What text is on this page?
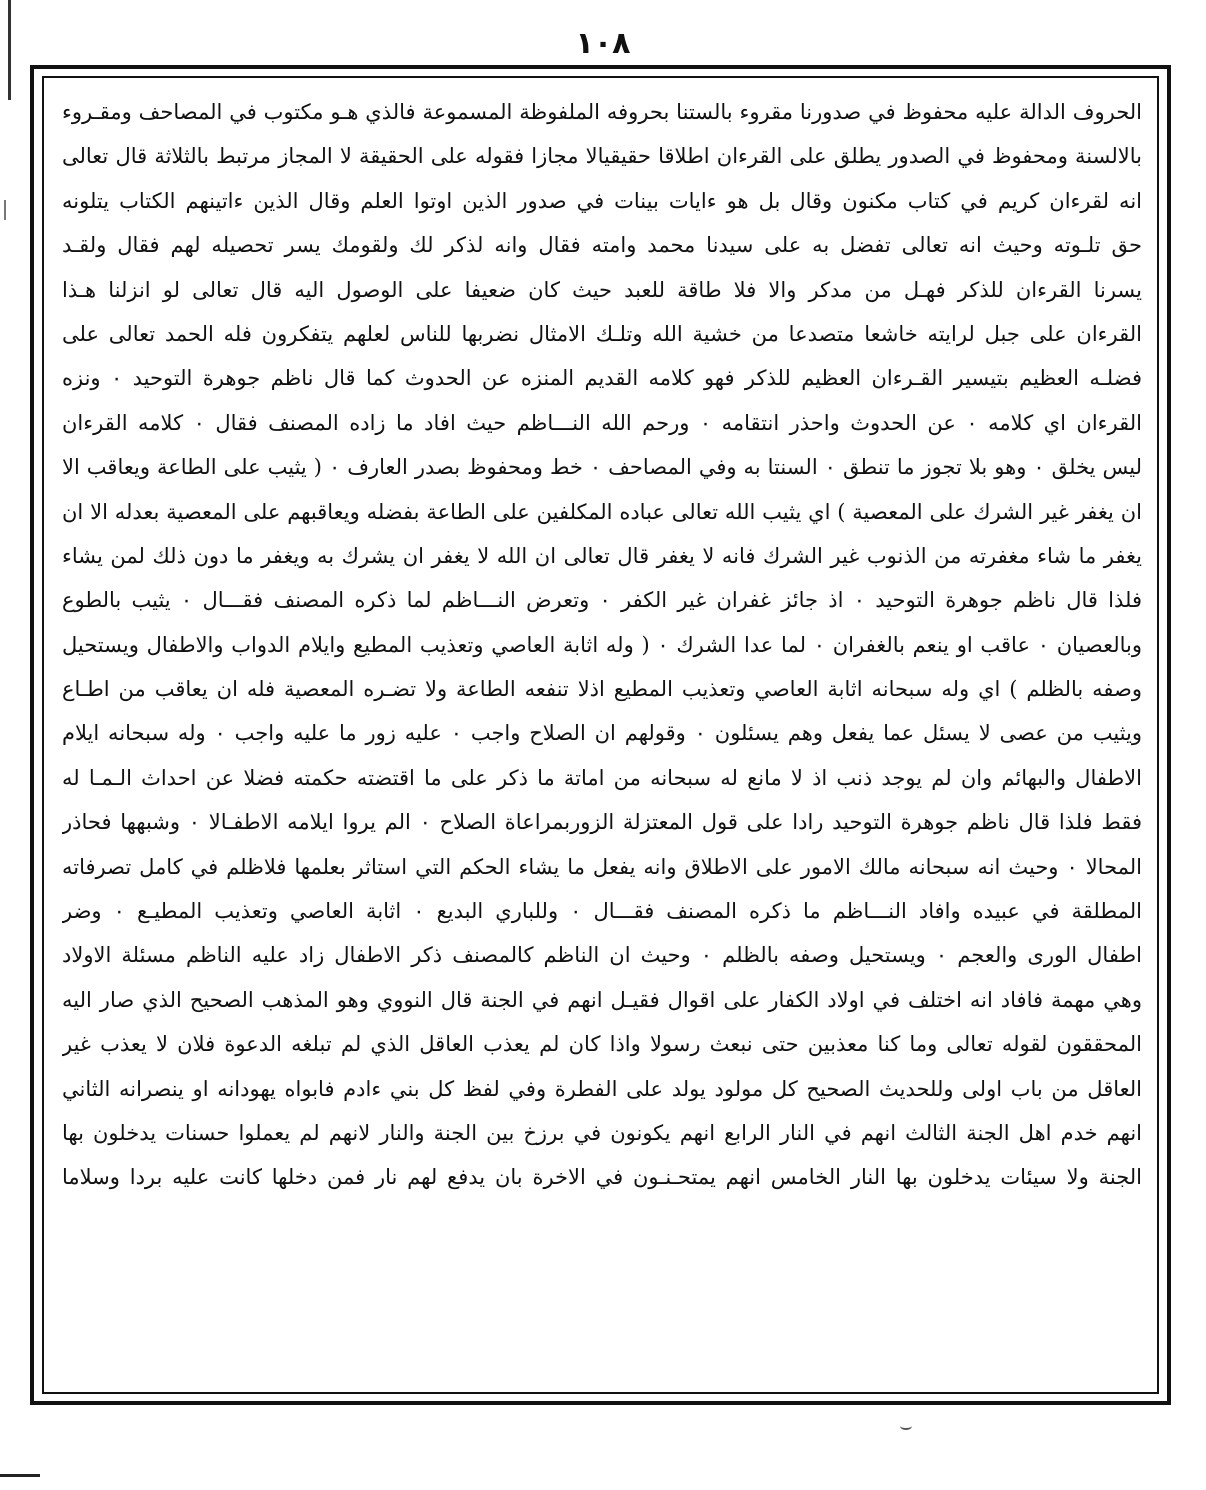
١٠٨
الحروف الدالة عليه محفوظ في صدورنا مقروء بالستنا بحروفه الملفوظة المسموعة فالذي هـو مكتوب في المصاحف ومقـروء
بالالسنة ومحفوظ في الصدور يطلق على القرءان اطلاقا حقيقيالا مجازا فقوله على الحقيقة لا المجاز مرتبط بالثلاثة قال تعالى
انه لقرءان كريم في كتاب مكنون وقال بل هو ءايات بينات في صدور الذين اوتوا العلم وقال الذين ءاتينهم الكتاب يتلونه
حق تلـوته وحيث انه تعالى تفضل به على سيدنا محمد وامته فقال وانه لذكر لك ولقومك يسر تحصيله لهم فقال ولقـد
يسرنا القرءان للذكر فهـل من مدكر والا فلا طاقة للعبد حيث كان ضعيفا على الوصول اليه قال تعالى لو انزلنا هـذا
القرءان على جبل لرايته خاشعا متصدعا من خشية الله وتلـك الامثال نضربها للناس لعلهم يتفكرون فله الحمد تعالى على
فضلـه العظيم بتيسير القـرءان العظيم للذكر فهو كلامه القديم المنزه عن الحدوث كما قال ناظم جوهرة التوحيد ٠ ونزه
القرءان اي كلامه ٠ عن الحدوث واحذر انتقامه ٠ ورحم الله النـــاظم حيث افاد ما زاده المصنف فقال ٠ كلامه القرءان
ليس يخلق ٠ وهو بلا تجوز ما تنطق ٠ السنتا به وفي المصاحف ٠ خط ومحفوظ بصدر العارف ٠ ( يثيب على الطاعة ويعاقب الا
ان يغفر غير الشرك على المعصية ) اي يثيب الله تعالى عباده المكلفين على الطاعة بفضله ويعاقبهم على المعصية بعدله الا ان
يغفر ما شاء مغفرته من الذنوب غير الشرك فانه لا يغفر قال تعالى ان الله لا يغفر ان يشرك به ويغفر ما دون ذلك لمن يشاء
فلذا قال ناظم جوهرة التوحيد ٠ اذ جائز غفران غير الكفر ٠ وتعرض النـــاظم لما ذكره المصنف فقـــال ٠ يثيب بالطوع
وبالعصيان ٠ عاقب او ينعم بالغفران ٠ لما عدا الشرك ٠ ( وله اثابة العاصي وتعذيب المطيع وايلام الدواب والاطفال ويستحيل
وصفه بالظلم ) اي وله سبحانه اثابة العاصي وتعذيب المطيع اذلا تنفعه الطاعة ولا تضـره المعصية فله ان يعاقب من اطـاع
ويثيب من عصى لا يسئل عما يفعل وهم يسئلون ٠ وقولهم ان الصلاح واجب ٠ عليه زور ما عليه واجب ٠ وله سبحانه ايلام
الاطفال والبهائم وان لم يوجد ذنب اذ لا مانع له سبحانه من اماتة ما ذكر على ما اقتضته حكمته فضلا عن احداث الـمـا له
فقط فلذا قال ناظم جوهرة التوحيد رادا على قول المعتزلة الزوربمراعاة الصلاح ٠ الم يروا ايلامه الاطفـالا ٠ وشبهها فحاذر
المحالا ٠ وحيث انه سبحانه مالك الامور على الاطلاق وانه يفعل ما يشاء الحكم التي استاثر بعلمها فلاظلم في كامل تصرفاته
المطلقة في عبيده وافاد النـــاظم ما ذكره المصنف فقـــال ٠ وللباري البديع ٠ اثابة العاصي وتعذيب المطيـع ٠ وضر
اطفال الورى والعجم ٠ ويستحيل وصفه بالظلم ٠ وحيث ان الناظم كالمصنف ذكر الاطفال زاد عليه الناظم مسئلة الاولاد
وهي مهمة فافاد انه اختلف في اولاد الكفار على اقوال فقيـل انهم في الجنة قال النووي وهو المذهب الصحيح الذي صار اليه
المحققون لقوله تعالى وما كنا معذبين حتى نبعث رسولا واذا كان لم يعذب العاقل الذي لم تبلغه الدعوة فلان لا يعذب غير
العاقل من باب اولى وللحديث الصحيح كل مولود يولد على الفطرة وفي لفظ كل بني ءادم فابواه يهودانه او ينصرانه الثاني
انهم خدم اهل الجنة الثالث انهم في النار الرابع انهم يكونون في برزخ بين الجنة والنار لانهم لم يعملوا حسنات يدخلون بها
الجنة ولا سيئات يدخلون بها النار الخامس انهم يمتحـنـون في الاخرة بان يدفع لهم نار فمن دخلها كانت عليه بردا وسلاما
